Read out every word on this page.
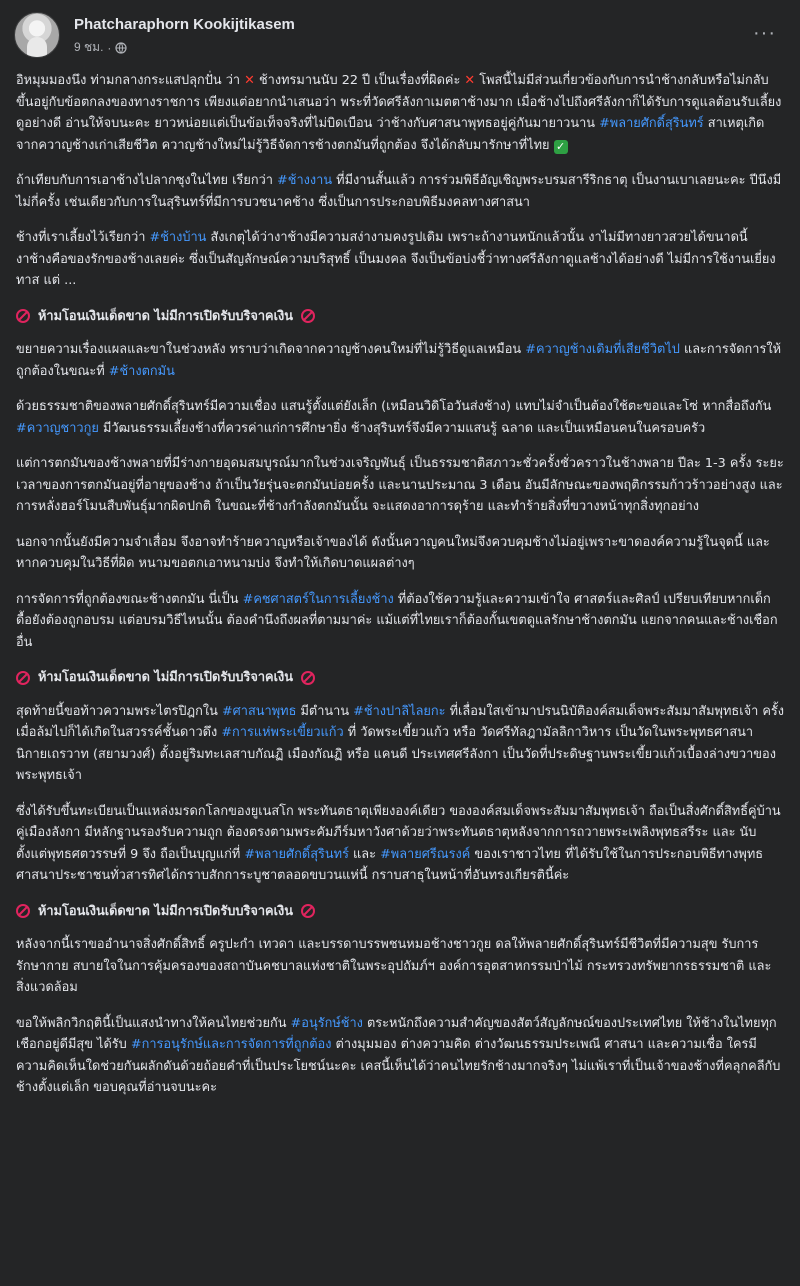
Phatcharaphorn Kookijtikasem
9 ชม. ·
···

อิหมุมมองนึง ท่ามกลางกระแสปลุกปั่น ว่า ✕ ช้างทรมานนับ 22 ปี เป็นเรื่องที่ผิดค่ะ ✕ โพสนี้ไม่มีส่วนเกี่ยวข้องกับการนำช้างกลับหรือไม่กลับ ขึ้นอยู่กับข้อตกลงของทางราชการ เพียงแต่อยากนำเสนอว่า พระที่วัดศรีลังกาเมตตาช้างมาก เมื่อช้างไปถึงศรีลังกาก็ได้รับการดูแลต้อนรับเลี้ยงดูอย่างดี อ่านให้จบนะคะ ยาวหน่อยแต่เป็นข้อเท็จจริงที่ไม่บิดเบือน ว่าช้างกับศาสนาพุทธอยู่คู่กันมายาวนาน #พลายศักดิ์สุรินทร์ สาเหตุเกิดจากควาญช้างเก่าเสียชีวิต ควาญช้างใหม่ไม่รู้วิธีจัดการช้างตกมันที่ถูกต้อง จึงได้กลับมารักษาที่ไทย ✓

ถ้าเทียบกับการเอาช้างไปลากซุงในไทย เรียกว่า #ช้างงาน ที่มีงานสั้นแล้ว การร่วมพิธีอัญเชิญพระบรมสารีริกธาตุ เป็นงานเบาเลยนะคะ ปีนึงมีไม่กี่ครั้ง เช่นเดียวกับการในสุรินทร์ที่มีการบวชนาคช้าง ซึ่งเป็นการประกอบพิธีมงคลทางศาสนา

ช้างที่เราเลี้ยงไว้เรียกว่า #ช้างบ้าน สังเกตุได้ว่างาช้างมีความสง่างามคงรูปเดิม เพราะถ้างานหนักแล้วนั้น งาไม่มีทางยาวสวยได้ขนาดนี้ งาช้างคือของรักของช้างเลยค่ะ ซึ่งเป็นสัญลักษณ์ความบริสุทธิ์ เป็นมงคล จึงเป็นข้อบ่งชี้ว่าทางศรีลังกาดูแลช้างได้อย่างดี ไม่มีการใช้งานเยี่ยงทาส แต่ ...

ห้ามโอนเงินเด็ดขาด ไม่มีการเปิดรับบริจาคเงิน

ขยายความเรื่องแผลและขาในช่วงหลัง ทราบว่าเกิดจากควาญช้างคนใหม่ที่ไม่รู้วิธีดูแลเหมือน #ควาญช้างเดิมที่เสียชีวิตไป และการจัดการให้ถูกต้องในขณะที่ #ช้างตกมัน

ด้วยธรรมชาติของพลายศักดิ์สุรินทร์มีความเชื่อง แสนรู้ตั้งแต่ยังเล็ก (เหมือนวิดิโอวันส่งช้าง) แทบไม่จำเป็นต้องใช้ตะขอและโซ่ หากสื่อถึงกัน #ควาญชาวกูย มีวัฒนธรรมเลี้ยงช้างที่ควรค่าแก่การศึกษายิ่ง ช้างสุรินทร์จึงมีความแสนรู้ ฉลาด และเป็นเหมือนคนในครอบครัว

แต่การตกมันของช้างพลายที่มีร่างกายอุดมสมบูรณ์มากในช่วงเจริญพันธุ์ เป็นธรรมชาติสภาวะชั่วครั้งชั่วคราวในช้างพลาย ปีละ 1-3 ครั้ง ระยะเวลาของการตกมันอยู่ที่อายุของช้าง ถ้าเป็นวัยรุ่นจะตกมันบ่อยครั้ง และนานประมาณ 3 เดือน อันมีลักษณะของพฤติกรรมก้าวร้าวอย่างสูง และการหลั่งฮอร์โมนสืบพันธุ์มากผิดปกติ ในขณะที่ช้างกำลังตกมันนั้น จะแสดงอาการดุร้าย และทำร้ายสิ่งที่ขวางหน้าทุกสิ่งทุกอย่าง

นอกจากนั้นยังมีความจำเสื่อม จึงอาจทำร้ายควาญหรือเจ้าของได้ ดังนั้นควาญคนใหม่จึงควบคุมช้างไม่อยู่เพราะขาดองค์ความรู้ในจุดนี้ และหากควบคุมในวิธีที่ผิด หนามขอตกเอาหนามบ่ง จึงทำให้เกิดบาดแผลต่างๆ

การจัดการที่ถูกต้องขณะช้างตกมัน นี่เป็น #คชศาสตร์ในการเลี้ยงช้าง ที่ต้องใช้ความรู้และความเข้าใจ ศาสตร์และศิลป์ เปรียบเทียบหากเด็กดื้อยังต้องถูกอบรม แต่อบรมวิธีไหนนั้น ต้องคำนึงถึงผลที่ตามมาค่ะ แม้แต่ที่ไทยเราก็ต้องกั้นเขตดูแลรักษาช้างตกมัน แยกจากคนและช้างเชือกอื่น

ห้ามโอนเงินเด็ดขาด ไม่มีการเปิดรับบริจาคเงิน

สุดท้ายนี้ขอท้าวความพระไตรปิฎกใน #ศาสนาพุทธ มีตำนาน #ช้างปาลิไลยกะ ที่เลื่อมใสเข้ามาปรนนิบัติองค์สมเด็จพระสัมมาสัมพุทธเจ้า ครั้งเมื่อล้มไปก็ได้เกิดในสวรรค์ชั้นดาวดึง #การแห่พระเขี้ยวแก้ว ที่ วัดพระเขี้ยวแก้ว หรือ วัดศรีทัลฎามัลลิกาวิหาร เป็นวัดในพระพุทธศาสนานิกายเถรวาท (สยามวงศ์) ตั้งอยู่ริมทะเลสาบกัณฏิ เมืองกัณฏิ หรือ แคนดี ประเทศศรีลังกา เป็นวัดที่ประดิษฐานพระเขี้ยวแก้วเบื้องล่างขวาของพระพุทธเจ้า

ซึ่งได้รับขึ้นทะเบียนเป็นแหล่งมรดกโลกของยูเนสโก พระทันตธาตุเพียงองค์เดียว ขององค์สมเด็จพระสัมมาสัมพุทธเจ้า ถือเป็นสิ่งศักดิ์สิทธิ์คู่บ้านคู่เมืองลังกา มีหลักฐานรองรับความถูก ต้องตรงตามพระคัมภีร์มหาวังศาด้วยว่าพระทันตธาตุหลังจากการถวายพระเพลิงพุทธสรีระ และ นับตั้งแต่พุทธศตวรรษที่ 9 จึง ถือเป็นบุญแก่ที่ #พลายศักดิ์สุรินทร์ และ #พลายศรีณรงค์ ของเราชาวไทย ที่ได้รับใช้ในการประกอบพิธีทางพุทธศาสนาประชาชนทั่วสารทิศได้กราบสักการะบูชาตลอดขบวนแห่นี้ กราบสาธุในหน้าที่อันทรงเกียรตินี้ค่ะ

ห้ามโอนเงินเด็ดขาด ไม่มีการเปิดรับบริจาคเงิน

หลังจากนี้เราขออำนาจสิ่งศักดิ์สิทธิ์ ครูปะกำ เทวดา และบรรดาบรรพชนหมอช้างชาวกูย ดลให้พลายศักดิ์สุรินทร์มีชีวิตที่มีความสุข รับการรักษากาย สบายใจในการคุ้มครองของสถาบันคชบาลแห่งชาติในพระอุปถัมภ์ฯ องค์การอุตสาหกรรมป่าไม้ กระทรวงทรัพยากรธรรมชาติ และสิ่งแวดล้อม

ขอให้พลิกวิกฤตินี้เป็นแสงนำทางให้คนไทยช่วยกัน #อนุรักษ์ช้าง ตระหนักถึงความสำคัญของสัตว์สัญลักษณ์ของประเทศไทย ให้ช้างในไทยทุกเชือกอยู่ดีมีสุข ได้รับ #การอนุรักษ์และการจัดการที่ถูกต้อง ต่างมุมมอง ต่างความคิด ต่างวัฒนธรรมประเพณี ศาสนา และความเชื่อ ใครมีความคิดเห็นใดช่วยกันผลักดันด้วยถ้อยคำที่เป็นประโยชน์นะคะ เคสนี้เห็นได้ว่าคนไทยรักช้างมากจริงๆ ไม่แพ้เราที่เป็นเจ้าของช้างที่คลุกคลีกับช้างตั้งแต่เล็ก ขอบคุณที่อ่านจบนะคะ
